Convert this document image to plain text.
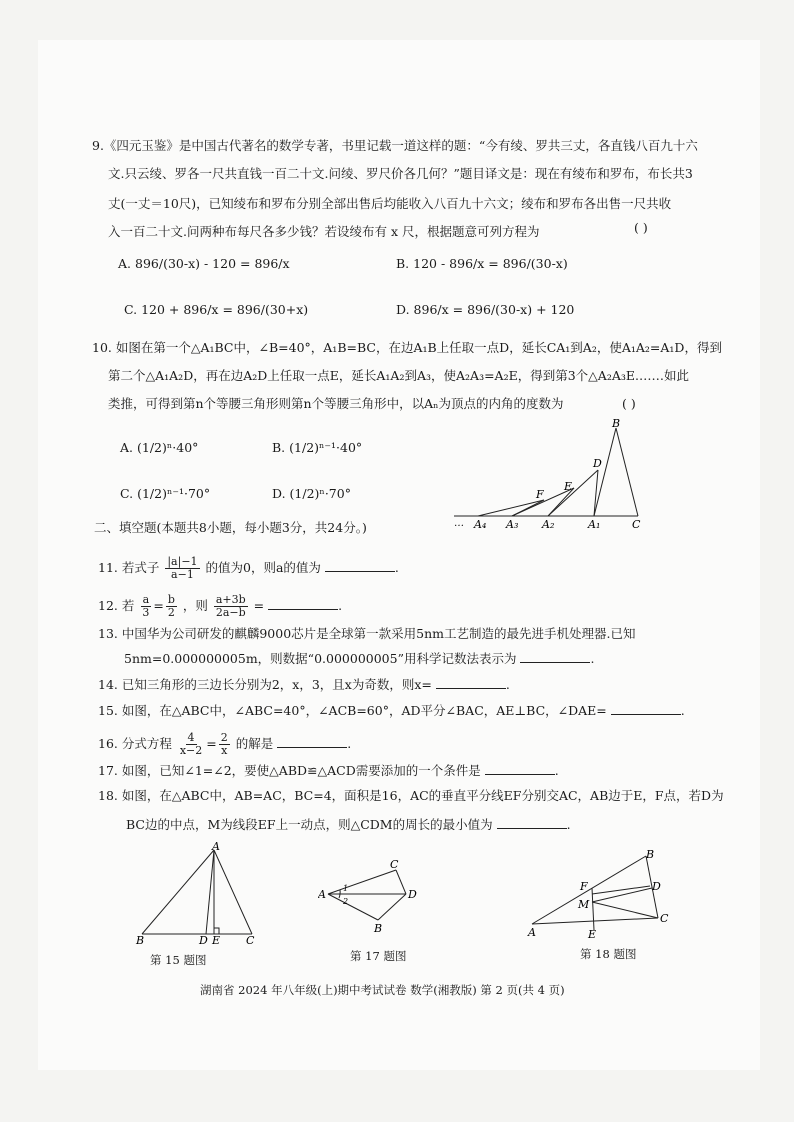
9.《四元玉鉴》是中国古代著名的数学专著，书里记载一道这样的题：“今有绫、罗共三丈，各直钱八百九十六
文.只云绫、罗各一尺共直钱一百二十文.问绫、罗尺价各几何？”题目译文是：现在有绫布和罗布，布长共3
丈(一丈＝10尺)，已知绫布和罗布分别全部出售后均能收入八百九十六文；绫布和罗布各出售一尺共收
入一百二十文.问两种布每尺各多少钱？若设绫布有 x 尺，根据题意可列方程为	( )
A. 896/(30-x) - 120 = 896/x	B. 120 - 896/x = 896/(30-x)
C. 120 + 896/x = 896/(30+x)	D. 896/x = 896/(30-x) + 120
10. 如图在第一个△A₁BC中，∠B=40°，A₁B=BC，在边A₁B上任取一点D，延长CA₁到A₂，使A₁A₂=A₁D，得到
第二个△A₁A₂D，再在边A₂D上任取一点E，延长A₁A₂到A₃，使A₂A₃=A₂E，得到第3个△A₂A₃E.……如此
类推，可得到第n个等腰三角形则第n个等腰三角形中，以Aₙ为顶点的内角的度数为	( )
A. (1/2)ⁿ·40°	B. (1/2)ⁿ⁻¹·40°
C. (1/2)ⁿ⁻¹·70°	D. (1/2)ⁿ·70°
B
D
E
F
C
A₁
A₂
A₃
A₄
…
二、填空题(本题共8小题，每小题3分，共24分。)
11. 若式子 $\frac{|a|-1}{a-1}$ 的值为0，则a的值为	.
12. 若 $\frac{a}{3} = \frac{b}{2}$ ，则 $\frac{a+3b}{2a-b}$ =	.
13. 中国华为公司研发的麒麟9000芯片是全球第一款采用5nm工艺制造的最先进手机处理器.已知
5nm=0.000000005m，则数据“0.000000005”用科学记数法表示为	.
14. 已知三角形的三边长分别为2，x，3，且x为奇数，则x=	.
15. 如图，在△ABC中，∠ABC=40°，∠ACB=60°，AD平分∠BAC，AE⊥BC，∠DAE=	.
16. 分式方程 $\frac{4}{x-2} = \frac{2}{x}$ 的解是	.
17. 如图，已知∠1=∠2，要使△ABD≌△ACD需要添加的一个条件是	.
18. 如图，在△ABC中，AB=AC，BC=4，面积是16，AC的垂直平分线EF分别交AC，AB边于E，F点，若D为
BC边的中点，M为线段EF上一动点，则△CDM的周长的最小值为	.
A
B	D E C
第 15 题图
A
C
D
B
1
2
第 17 题图
B
F	D
M
E
A
C
第 18 题图
湖南省 2024 年八年级(上)期中考试试卷 数学(湘教版) 第 2 页(共 4 页)
